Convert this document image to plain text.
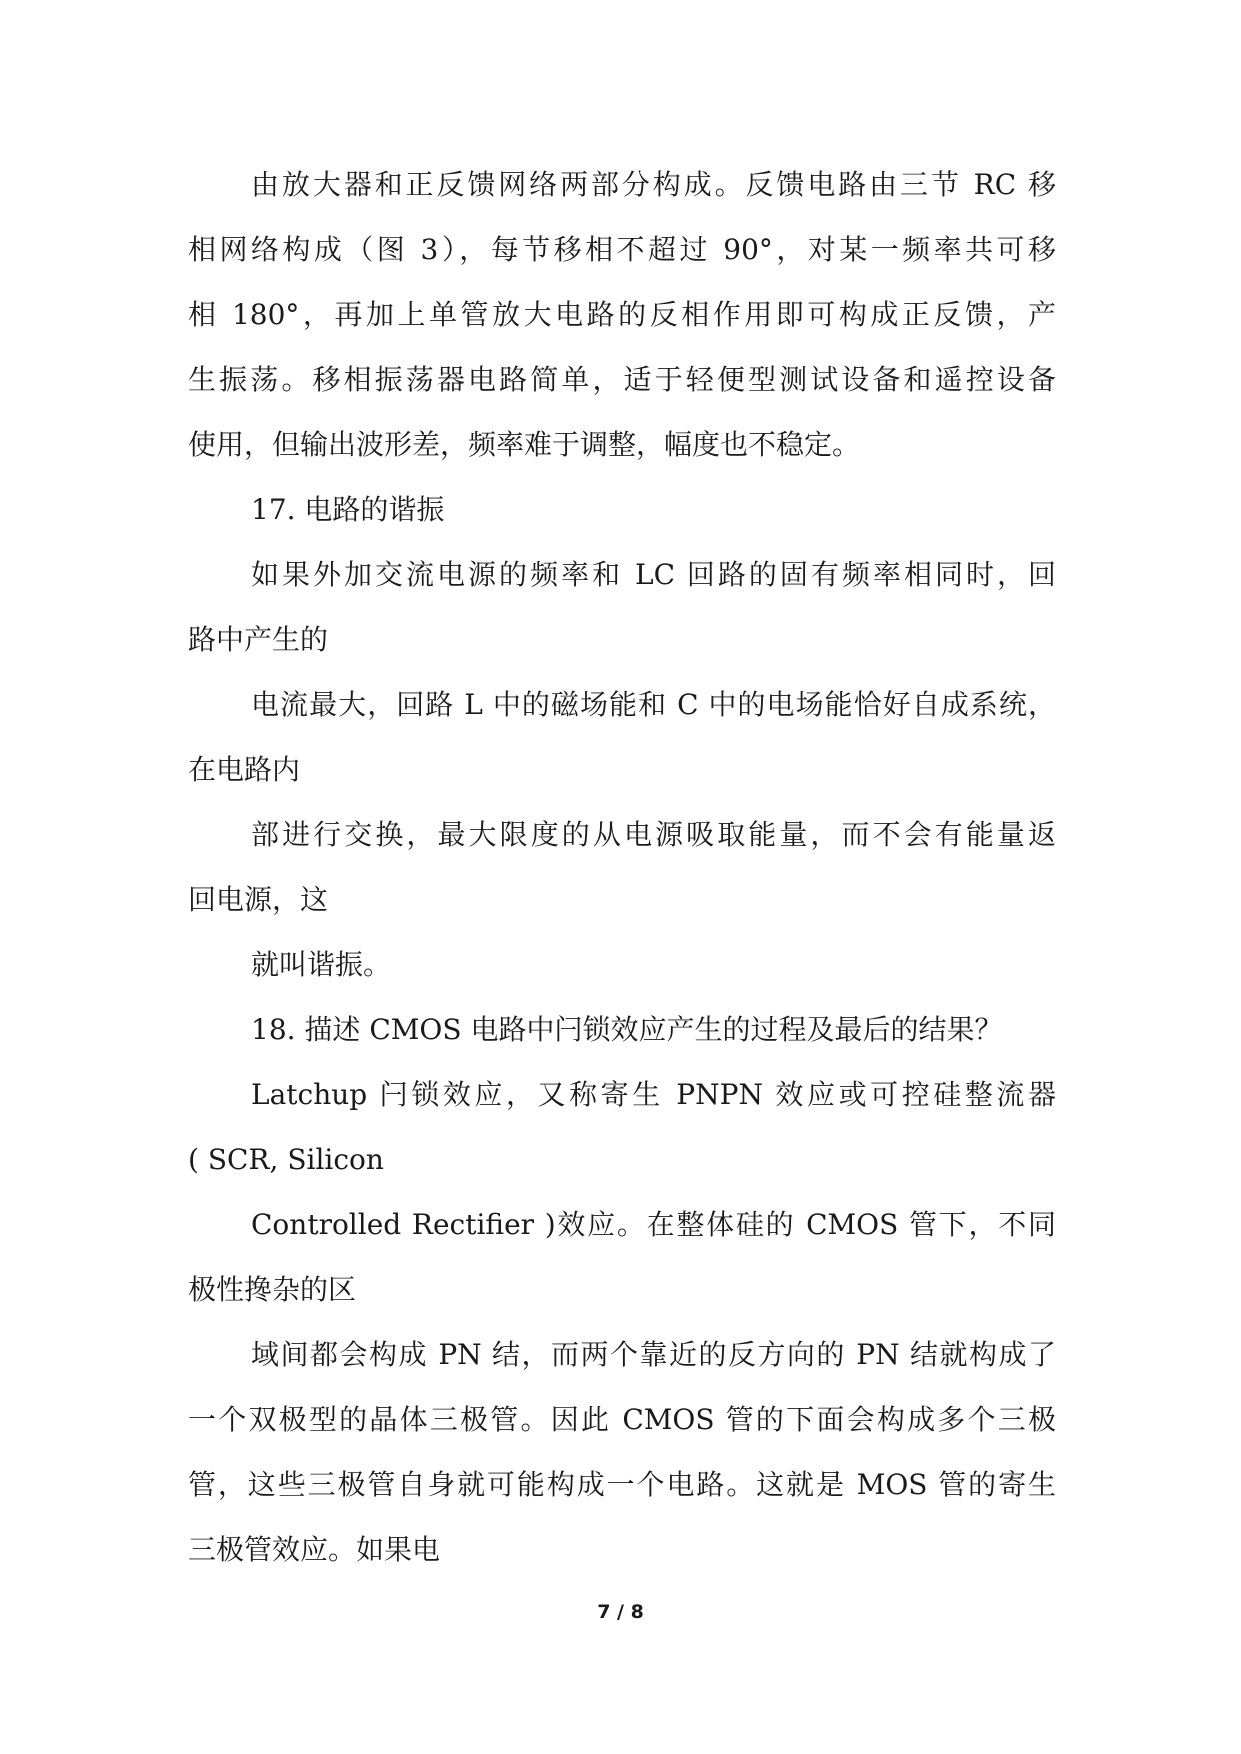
由放大器和正反馈网络两部分构成。反馈电路由三节 RC 移
相网络构成（图 3），每节移相不超过 90°，对某一频率共可移
相 180°，再加上单管放大电路的反相作用即可构成正反馈，产
生振荡。移相振荡器电路简单，适于轻便型测试设备和遥控设备
使用，但输出波形差，频率难于调整，幅度也不稳定。
17. 电路的谐振
如果外加交流电源的频率和 LC 回路的固有频率相同时，回
路中产生的
电流最大，回路 L 中的磁场能和 C 中的电场能恰好自成系统，
在电路内
部进行交换，最大限度的从电源吸取能量，而不会有能量返
回电源，这
就叫谐振。
18. 描述 CMOS 电路中闩锁效应产生的过程及最后的结果？
Latchup 闩锁效应，又称寄生 PNPN 效应或可控硅整流器
( SCR, Silicon
Controlled Rectifier )效应。在整体硅的 CMOS 管下，不同
极性搀杂的区
域间都会构成 PN 结，而两个靠近的反方向的 PN 结就构成了
一个双极型的晶体三极管。因此 CMOS 管的下面会构成多个三极
管，这些三极管自身就可能构成一个电路。这就是 MOS 管的寄生
三极管效应。如果电
7 / 8
